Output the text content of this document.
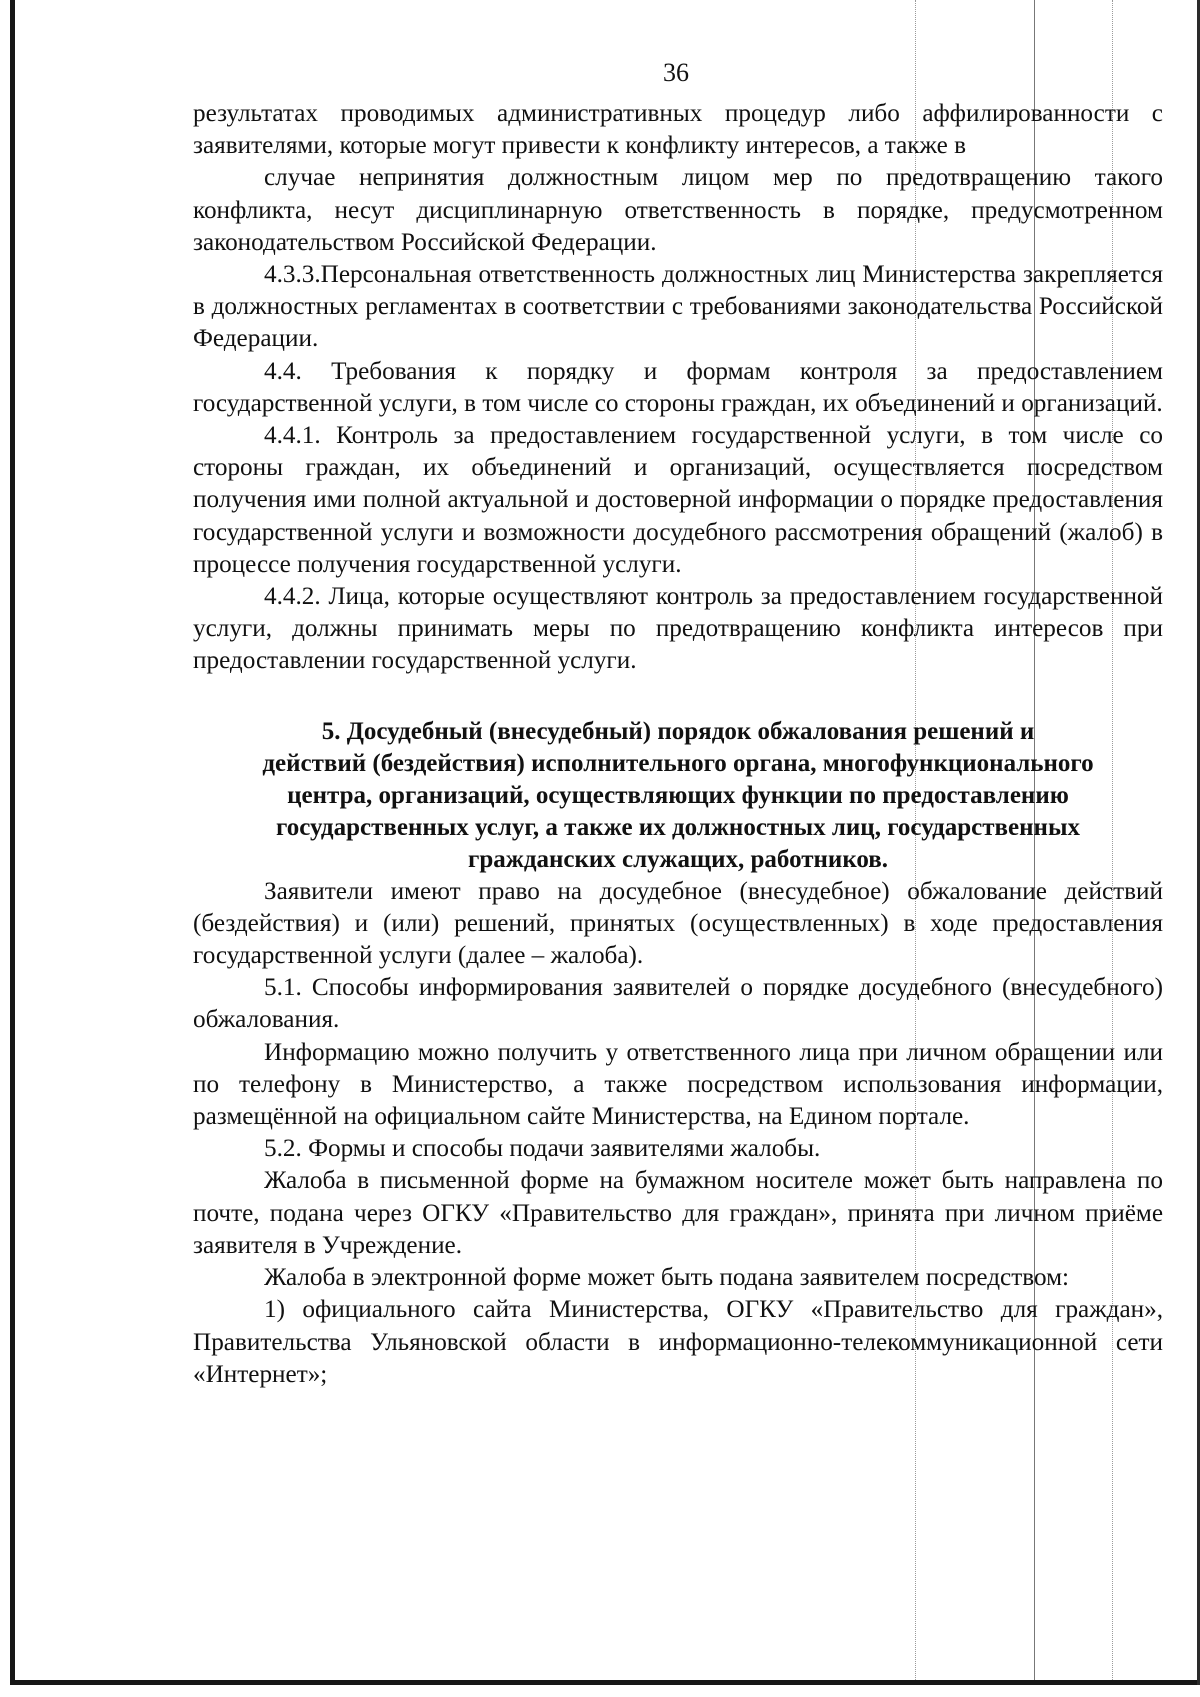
36

результатах проводимых административных процедур либо аффилированности с заявителями, которые могут привести к конфликту интересов, а также в

случае непринятия должностным лицом мер по предотвращению такого конфликта, несут дисциплинарную ответственность в порядке, предусмотренном законодательством Российской Федерации.

4.3.3.Персональная ответственность должностных лиц Министерства закрепляется в должностных регламентах в соответствии с требованиями законодательства Российской Федерации.

4.4. Требования к порядку и формам контроля за предоставлением государственной услуги, в том числе со стороны граждан, их объединений и организаций.

4.4.1. Контроль за предоставлением государственной услуги, в том числе со стороны граждан, их объединений и организаций, осуществляется посредством получения ими полной актуальной и достоверной информации о порядке предоставления государственной услуги и возможности досудебного рассмотрения обращений (жалоб) в процессе получения государственной услуги.

4.4.2. Лица, которые осуществляют контроль за предоставлением государственной услуги, должны принимать меры по предотвращению конфликта интересов при предоставлении государственной услуги.

5. Досудебный (внесудебный) порядок обжалования решений и
действий (бездействия) исполнительного органа, многофункционального
центра, организаций, осуществляющих функции по предоставлению
государственных услуг, а также их должностных лиц, государственных
гражданских служащих, работников.

Заявители имеют право на досудебное (внесудебное) обжалование действий (бездействия) и (или) решений, принятых (осуществленных) в ходе предоставления государственной услуги (далее – жалоба).

5.1. Способы информирования заявителей о порядке досудебного (внесудебного) обжалования.

Информацию можно получить у ответственного лица при личном обращении или по телефону в Министерство, а также посредством использования информации, размещённой на официальном сайте Министерства, на Едином портале.

5.2. Формы и способы подачи заявителями жалобы.

Жалоба в письменной форме на бумажном носителе может быть направлена по почте, подана через ОГКУ «Правительство для граждан», принята при личном приёме заявителя в Учреждение.

Жалоба в электронной форме может быть подана заявителем посредством:

1) официального сайта Министерства, ОГКУ «Правительство для граждан», Правительства Ульяновской области в информационно-телекоммуникационной сети «Интернет»;
